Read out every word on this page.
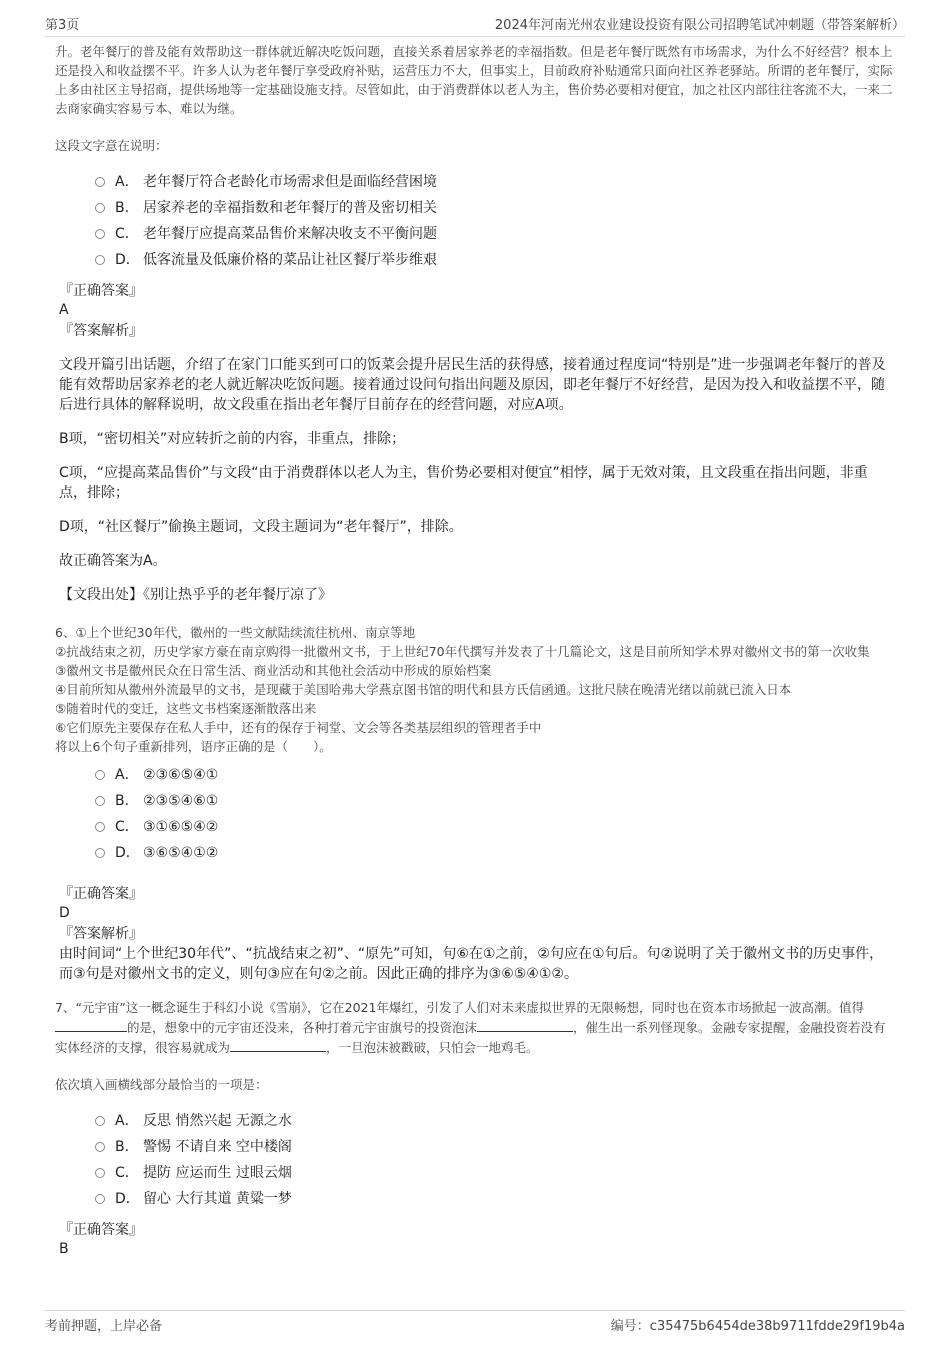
第3页	2024年河南光州农业建设投资有限公司招聘笔试冲刺题（带答案解析）

升。老年餐厅的普及能有效帮助这一群体就近解决吃饭问题，直接关系着居家养老的幸福指数。但是老年餐厅既然有市场需求，为什么不好经营？根本上还是投入和收益摆不平。许多人认为老年餐厅享受政府补贴，运营压力不大，但事实上，目前政府补贴通常只面向社区养老驿站。所谓的老年餐厅，实际上多由社区主导招商，提供场地等一定基础设施支持。尽管如此，由于消费群体以老人为主，售价势必要相对便宜，加之社区内部往往客流不大，一来二去商家确实容易亏本、难以为继。

这段文字意在说明：

A． 老年餐厅符合老龄化市场需求但是面临经营困境
B． 居家养老的幸福指数和老年餐厅的普及密切相关
C． 老年餐厅应提高菜品售价来解决收支不平衡问题
D． 低客流量及低廉价格的菜品让社区餐厅举步维艰
『正确答案』
A
『答案解析』

文段开篇引出话题，介绍了在家门口能买到可口的饭菜会提升居民生活的获得感，接着通过程度词“特别是”进一步强调老年餐厅的普及能有效帮助居家养老的老人就近解决吃饭问题。接着通过设问句指出问题及原因，即老年餐厅不好经营，是因为投入和收益摆不平，随后进行具体的解释说明，故文段重在指出老年餐厅目前存在的经营问题，对应A项。

B项，“密切相关”对应转折之前的内容，非重点，排除；

C项，“应提高菜品售价”与文段“由于消费群体以老人为主，售价势必要相对便宜”相悖，属于无效对策，且文段重在指出问题，非重点，排除；

D项，“社区餐厅”偷换主题词，文段主题词为“老年餐厅”，排除。

故正确答案为A。

【文段出处】《别让热乎乎的老年餐厅凉了》

6、①上个世纪30年代，徽州的一些文献陆续流往杭州、南京等地
②抗战结束之初，历史学家方豪在南京购得一批徽州文书，于上世纪70年代撰写并发表了十几篇论文，这是目前所知学术界对徽州文书的第一次收集
③徽州文书是徽州民众在日常生活、商业活动和其他社会活动中形成的原始档案
④目前所知从徽州外流最早的文书，是现藏于美国哈弗大学燕京图书馆的明代和县方氏信函通。这批尺牍在晚清光绪以前就已流入日本
⑤随着时代的变迁，这些文书档案逐渐散落出来
⑥它们原先主要保存在私人手中，还有的保存于祠堂、文会等各类基层组织的管理者手中
将以上6个句子重新排列，语序正确的是（　　）。
A． ②③⑥⑤④①
B． ②③⑤④⑥①
C． ③①⑥⑤④②
D． ③⑥⑤④①②
『正确答案』
D
『答案解析』

由时间词“上个世纪30年代”、“抗战结束之初”、“原先”可知，句⑥在①之前，②句应在①句后。句②说明了关于徽州文书的历史事件，而③句是对徽州文书的定义，则句③应在句②之前。因此正确的排序为③⑥⑤④①②。

7、“元宇宙”这一概念诞生于科幻小说《雪崩》，它在2021年爆红，引发了人们对未来虚拟世界的无限畅想，同时也在资本市场掀起一波高潮。值得的是，想象中的元宇宙还没来，各种打着元宇宙旗号的投资泡沫	，催生出一系列怪现象。金融专家提醒，金融投资若没有实体经济的支撑，很容易就成为	，一旦泡沫被戳破，只怕会一地鸡毛。

依次填入画横线部分最恰当的一项是：

A． 反思 悄然兴起 无源之水
B． 警惕 不请自来 空中楼阁
C． 提防 应运而生 过眼云烟
D． 留心 大行其道 黄粱一梦
『正确答案』
B
考前押题，上岸必备	编号：c35475b6454de38b9711fdde29f19b4a
